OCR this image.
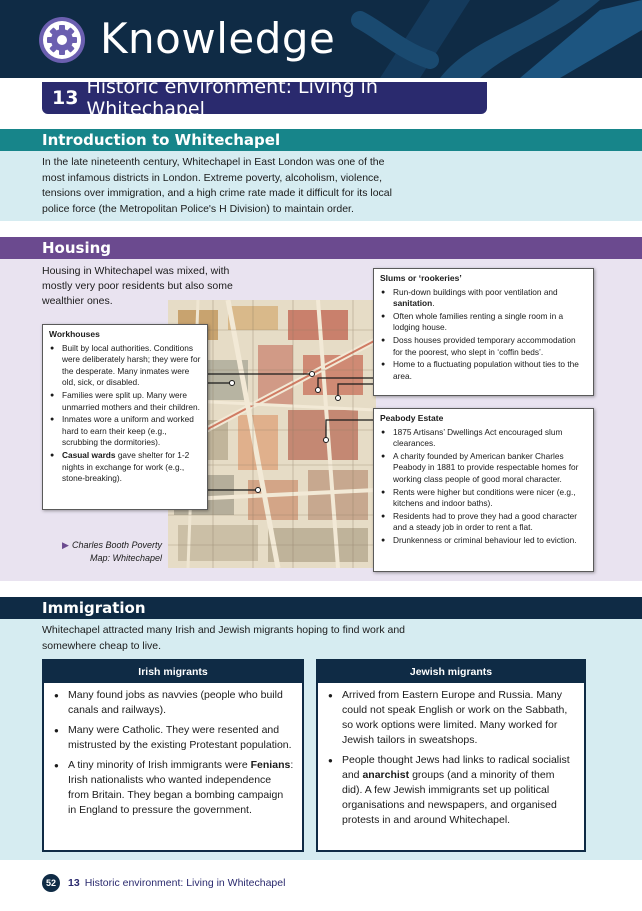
Knowledge
13 Historic environment: Living in Whitechapel
Introduction to Whitechapel
In the late nineteenth century, Whitechapel in East London was one of the most infamous districts in London. Extreme poverty, alcoholism, violence, tensions over immigration, and a high crime rate made it difficult for its local police force (the Metropolitan Police's H Division) to maintain order.
Housing
Housing in Whitechapel was mixed, with mostly very poor residents but also some wealthier ones.
Workhouses
● Built by local authorities. Conditions were deliberately harsh; they were for the desperate. Many inmates were old, sick, or disabled.
● Families were split up. Many were unmarried mothers and their children.
● Inmates wore a uniform and worked hard to earn their keep (e.g., scrubbing the dormitories).
● Casual wards gave shelter for 1-2 nights in exchange for work (e.g., stone-breaking).
Slums or ‘rookeries’
● Run-down buildings with poor ventilation and sanitation.
● Often whole families renting a single room in a lodging house.
● Doss houses provided temporary accommodation for the poorest, who slept in ‘coffin beds’.
● Home to a fluctuating population without ties to the area.
Peabody Estate
● 1875 Artisans’ Dwellings Act encouraged slum clearances.
● A charity founded by American banker Charles Peabody in 1881 to provide respectable homes for working class people of good moral character.
● Rents were higher but conditions were nicer (e.g., kitchens and indoor baths).
● Residents had to prove they had a good character and a steady job in order to rent a flat.
● Drunkenness or criminal behaviour led to eviction.
▶ Charles Booth Poverty
Map: Whitechapel
Immigration
Whitechapel attracted many Irish and Jewish migrants hoping to find work and somewhere cheap to live.
Irish migrants
● Many found jobs as navvies (people who build canals and railways).
● Many were Catholic. They were resented and mistrusted by the existing Protestant population.
● A tiny minority of Irish immigrants were Fenians: Irish nationalists who wanted independence from Britain. They began a bombing campaign in England to pressure the government.
Jewish migrants
● Arrived from Eastern Europe and Russia. Many could not speak English or work on the Sabbath, so work options were limited. Many worked for Jewish tailors in sweatshops.
● People thought Jews had links to radical socialist and anarchist groups (and a minority of them did). A few Jewish immigrants set up political organisations and newspapers, and organised protests in and around Whitechapel.
52	13 Historic environment: Living in Whitechapel
